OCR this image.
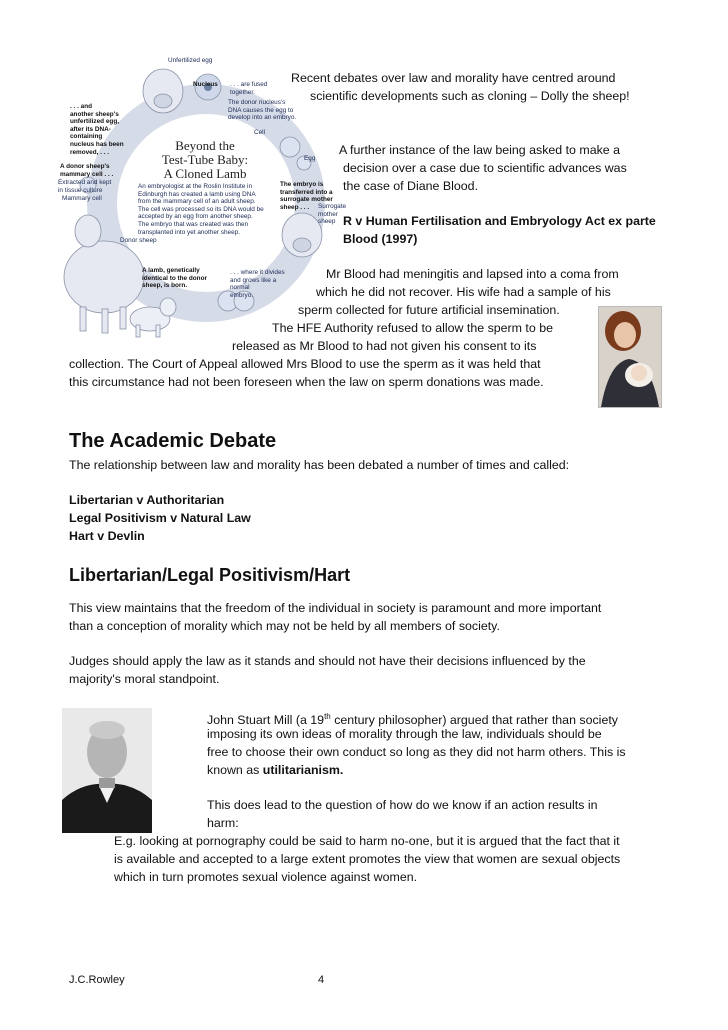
Unfertilized egg
Nucleus . . . are fused
together.
The donor nucleus's
DNA causes the egg to
develop into an embryo.
Cell
Egg
. . . and
another sheep's
unfertilized egg,
after its DNA-
containing
nucleus has been
removed, . . .
A donor sheep's
mammary cell . . .
Extracted and kept
in tissue culture
Mammary cell
Beyond the
Test-Tube Baby:
A Cloned Lamb
An embryologist at the Roslin Institute in
Edinburgh has created a lamb using DNA
from the mammary cell of an adult sheep.
The cell was processed so its DNA would be
accepted by an egg from another sheep.
The embryo that was created was then
transplanted into yet another sheep.
The embryo is
transferred into a
surrogate mother
sheep . . .	Surrogate
mother
sheep
Donor sheep
A lamb, genetically
identical to the donor
sheep, is born.
. . . where it divides
and grows like a
normal
embryo.
Recent debates over law and morality have centred around
scientific developments such as cloning – Dolly the sheep!
A further instance of the law being asked to make a
decision over a case due to scientific advances was
the case of Diane Blood.
R v Human Fertilisation and Embryology Act ex parte
Blood (1997)
Mr Blood had meningitis and lapsed into a coma from
which he did not recover. His wife had a sample of his
sperm collected for future artificial insemination.
The HFE Authority refused to allow the sperm to be
released as Mr Blood to had not given his consent to its
collection. The Court of Appeal allowed Mrs Blood to use the sperm as it was held that
this circumstance had not been foreseen when the law on sperm donations was made.
The Academic Debate
The relationship between law and morality has been debated a number of times and called:
Libertarian v Authoritarian
Legal Positivism v Natural Law
Hart v Devlin
Libertarian/Legal Positivism/Hart
This view maintains that the freedom of the individual in society is paramount and more important
than a conception of morality which may not be held by all members of society.
Judges should apply the law as it stands and should not have their decisions influenced by the
majority's moral standpoint.
John Stuart Mill (a 19th century philosopher) argued that rather than society
imposing its own ideas of morality through the law, individuals should be
free to choose their own conduct so long as they did not harm others. This is
known as utilitarianism.
This does lead to the question of how do we know if an action results in
harm:
E.g. looking at pornography could be said to harm no-one, but it is argued that the fact that it
is available and accepted to a large extent promotes the view that women are sexual objects
which in turn promotes sexual violence against women.
J.C.Rowley	4
